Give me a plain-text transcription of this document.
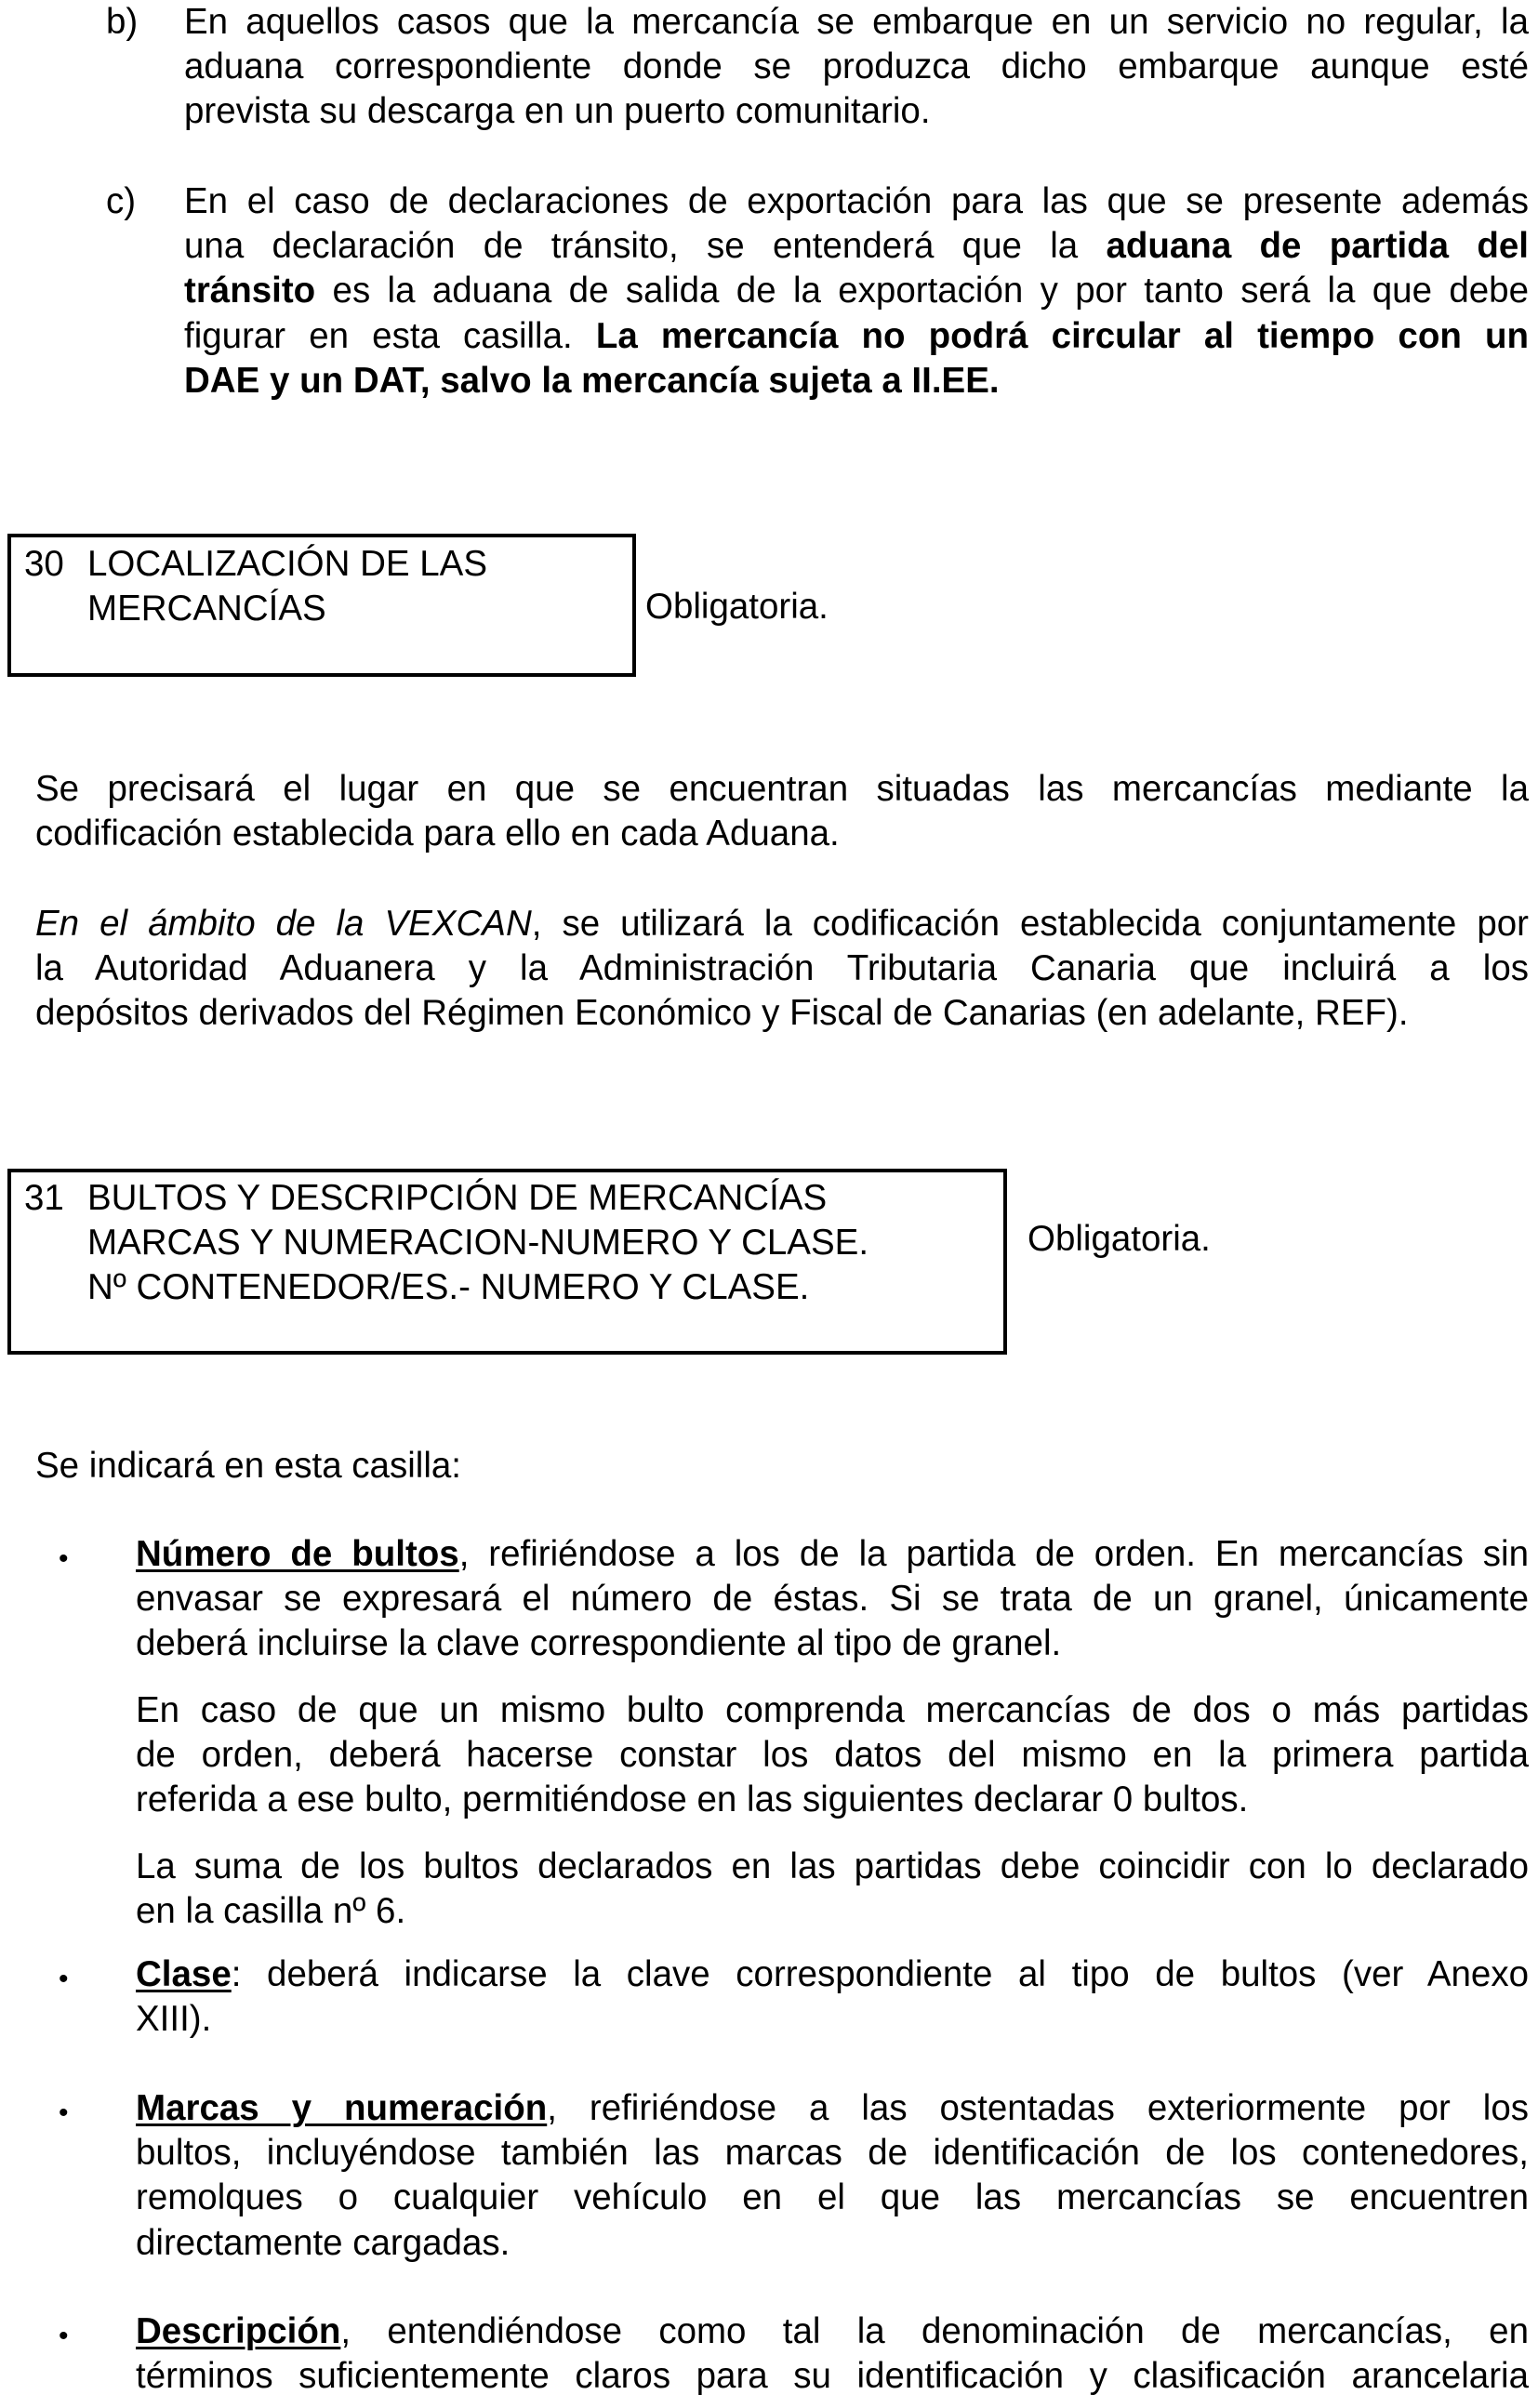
b) En aquellos casos que la mercancía se embarque en un servicio no regular, la
aduana correspondiente donde se produzca dicho embarque aunque esté
prevista su descarga en un puerto comunitario.
c) En el caso de declaraciones de exportación para las que se presente además
una declaración de tránsito, se entenderá que la aduana de partida del
tránsito es la aduana de salida de la exportación y por tanto será la que debe
figurar en esta casilla. La mercancía no podrá circular al tiempo con un
DAE y un DAT, salvo la mercancía sujeta a II.EE.
30 LOCALIZACIÓN DE LAS
MERCANCÍAS	Obligatoria.
Se precisará el lugar en que se encuentran situadas las mercancías mediante la
codificación establecida para ello en cada Aduana.
En el ámbito de la VEXCAN, se utilizará la codificación establecida conjuntamente por
la Autoridad Aduanera y la Administración Tributaria Canaria que incluirá a los
depósitos derivados del Régimen Económico y Fiscal de Canarias (en adelante, REF).
31 BULTOS Y DESCRIPCIÓN DE MERCANCÍAS
MARCAS Y NUMERACION-NUMERO Y CLASE.
Nº CONTENEDOR/ES.- NUMERO Y CLASE.
Obligatoria.
Se indicará en esta casilla:
• Número de bultos, refiriéndose a los de la partida de orden. En mercancías sin
envasar se expresará el número de éstas. Si se trata de un granel, únicamente
deberá incluirse la clave correspondiente al tipo de granel.
En caso de que un mismo bulto comprenda mercancías de dos o más partidas
de orden, deberá hacerse constar los datos del mismo en la primera partida
referida a ese bulto, permitiéndose en las siguientes declarar 0 bultos.
La suma de los bultos declarados en las partidas debe coincidir con lo declarado
en la casilla nº 6.
• Clase: deberá indicarse la clave correspondiente al tipo de bultos (ver Anexo
XIII).
• Marcas y numeración, refiriéndose a las ostentadas exteriormente por los
bultos, incluyéndose también las marcas de identificación de los contenedores,
remolques o cualquier vehículo en el que las mercancías se encuentren
directamente cargadas.
• Descripción, entendiéndose como tal la denominación de mercancías, en
términos suficientemente claros para su identificación y clasificación arancelaria
